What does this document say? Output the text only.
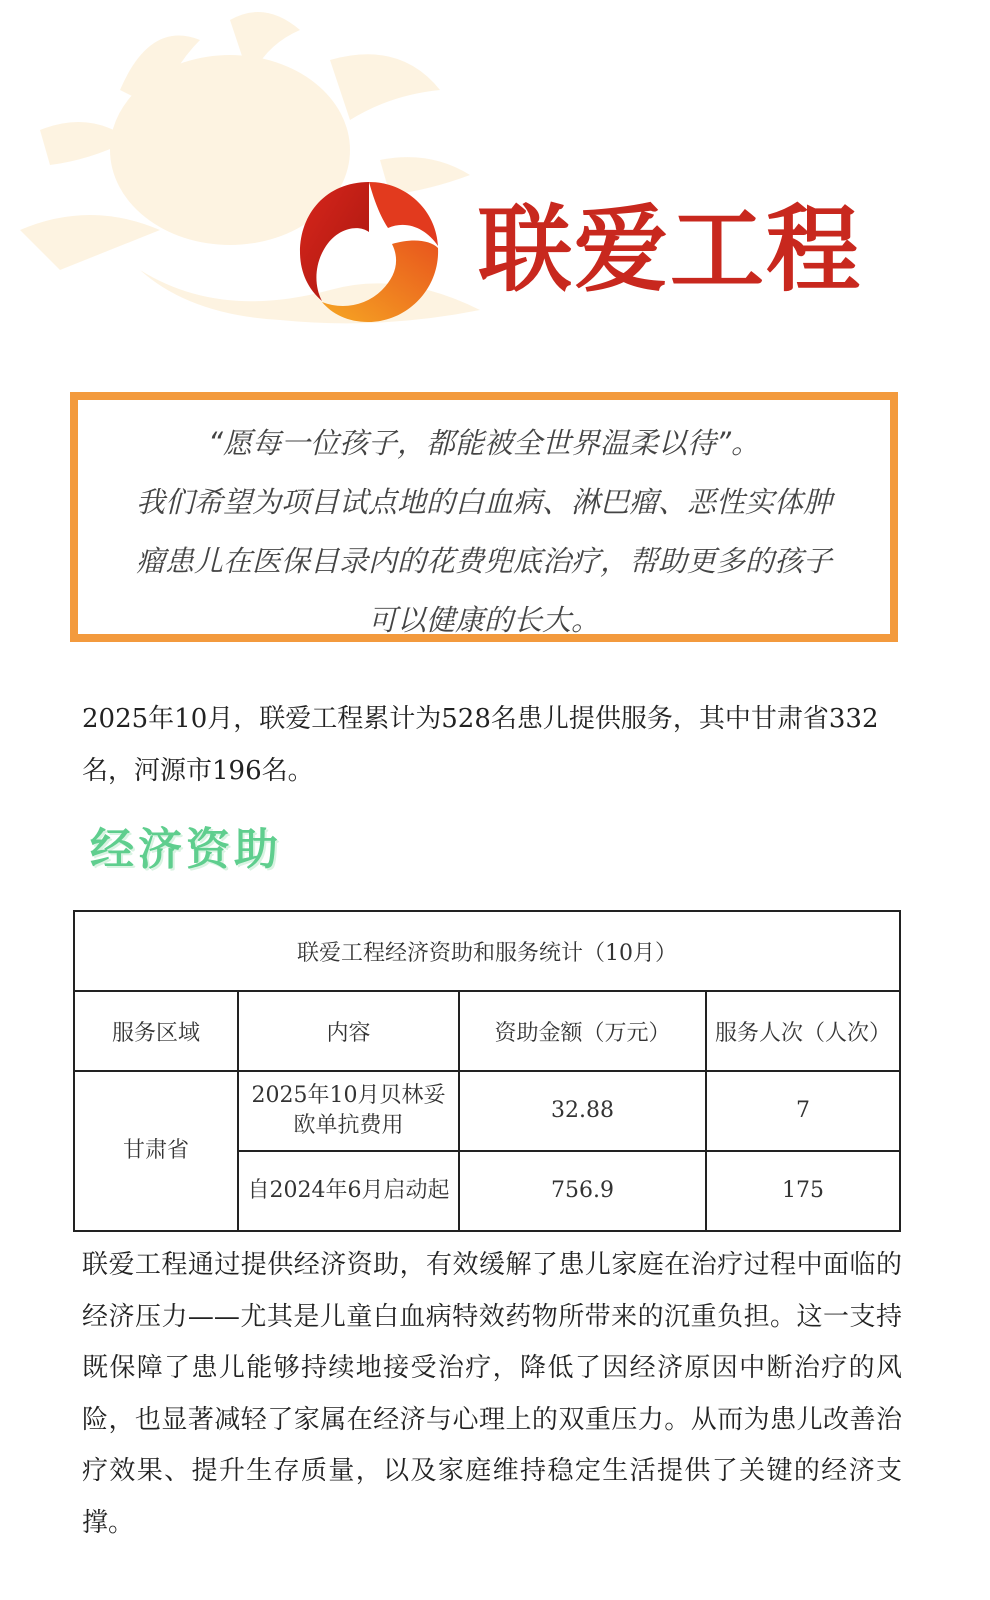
联爱工程

“愿每一位孩子，都能被全世界温柔以待”。

我们希望为项目试点地的白血病、淋巴瘤、恶性实体肿

瘤患儿在医保目录内的花费兜底治疗，帮助更多的孩子

可以健康的长大。

2025年10月，联爱工程累计为528名患儿提供服务，其中甘肃省332名，河源市196名。

经济资助
联爱工程经济资助和服务统计（10月）			
服务区域	内容	资助金额（万元）	服务人次（人次）
甘肃省	2025年10月贝林妥欧单抗费用	32.88	7
	自2024年6月启动起	756.9	175

联爱工程通过提供经济资助，有效缓解了患儿家庭在治疗过程中面临的经济压力——尤其是儿童白血病特效药物所带来的沉重负担。这一支持既保障了患儿能够持续地接受治疗，降低了因经济原因中断治疗的风险，也显著减轻了家属在经济与心理上的双重压力。从而为患儿改善治疗效果、提升生存质量，以及家庭维持稳定生活提供了关键的经济支撑。
